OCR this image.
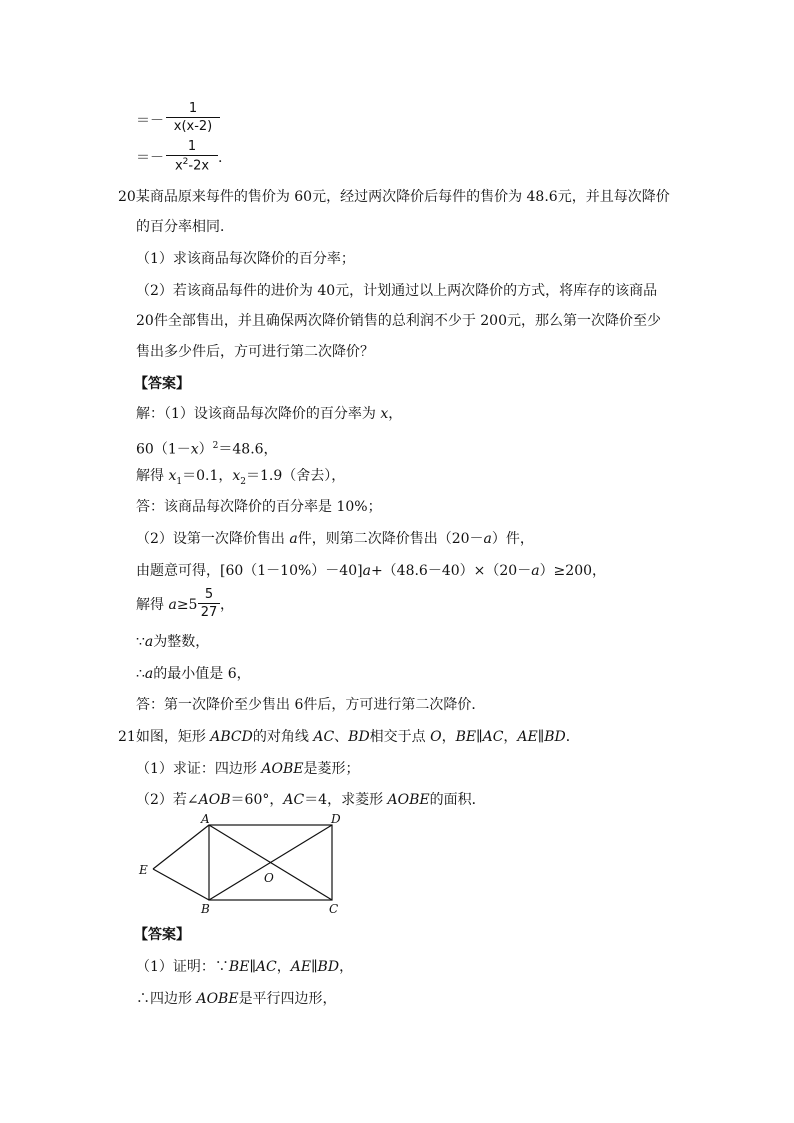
＝－ $\frac{1}{x(x-2)}$
＝－ $\frac{1}{x^2-2x}$ .
20某商品原来每件的售价为 60元，经过两次降价后每件的售价为 48.6元，并且每次降价
的百分率相同．
（1）求该商品每次降价的百分率；
（2）若该商品每件的进价为 40元，计划通过以上两次降价的方式，将库存的该商品
20件全部售出，并且确保两次降价销售的总利润不少于 200元，那么第一次降价至少
售出多少件后，方可进行第二次降价？
【答案】
解：（1）设该商品每次降价的百分率为 x，
$60(1-x)^2=48.6$，
解得 $x_1=0.1$，$x_2=1.9$（舍去），
答：该商品每次降价的百分率是 10%；
（2）设第一次降价售出 a件，则第二次降价售出（20－a）件，
由题意可得，[60（1－10%）－40]a+（48.6－40）×（20－a）≥200，
解得 $a\ge 5 \frac{5}{27}$ ，
∵a为整数，
∴a的最小值是 6，
答：第一次降价至少售出 6件后，方可进行第二次降价．
21如图，矩形 ABCD的对角线 AC、BD相交于点 O，BE∥AC，AE∥BD．
（1）求证：四边形 AOBE是菱形；
（2）若∠AOB＝60°，AC＝4，求菱形 AOBE的面积．
A	D
E
O
B	C
【答案】
（1）证明：∵BE∥AC，AE∥BD，
∴四边形 AOBE是平行四边形，
